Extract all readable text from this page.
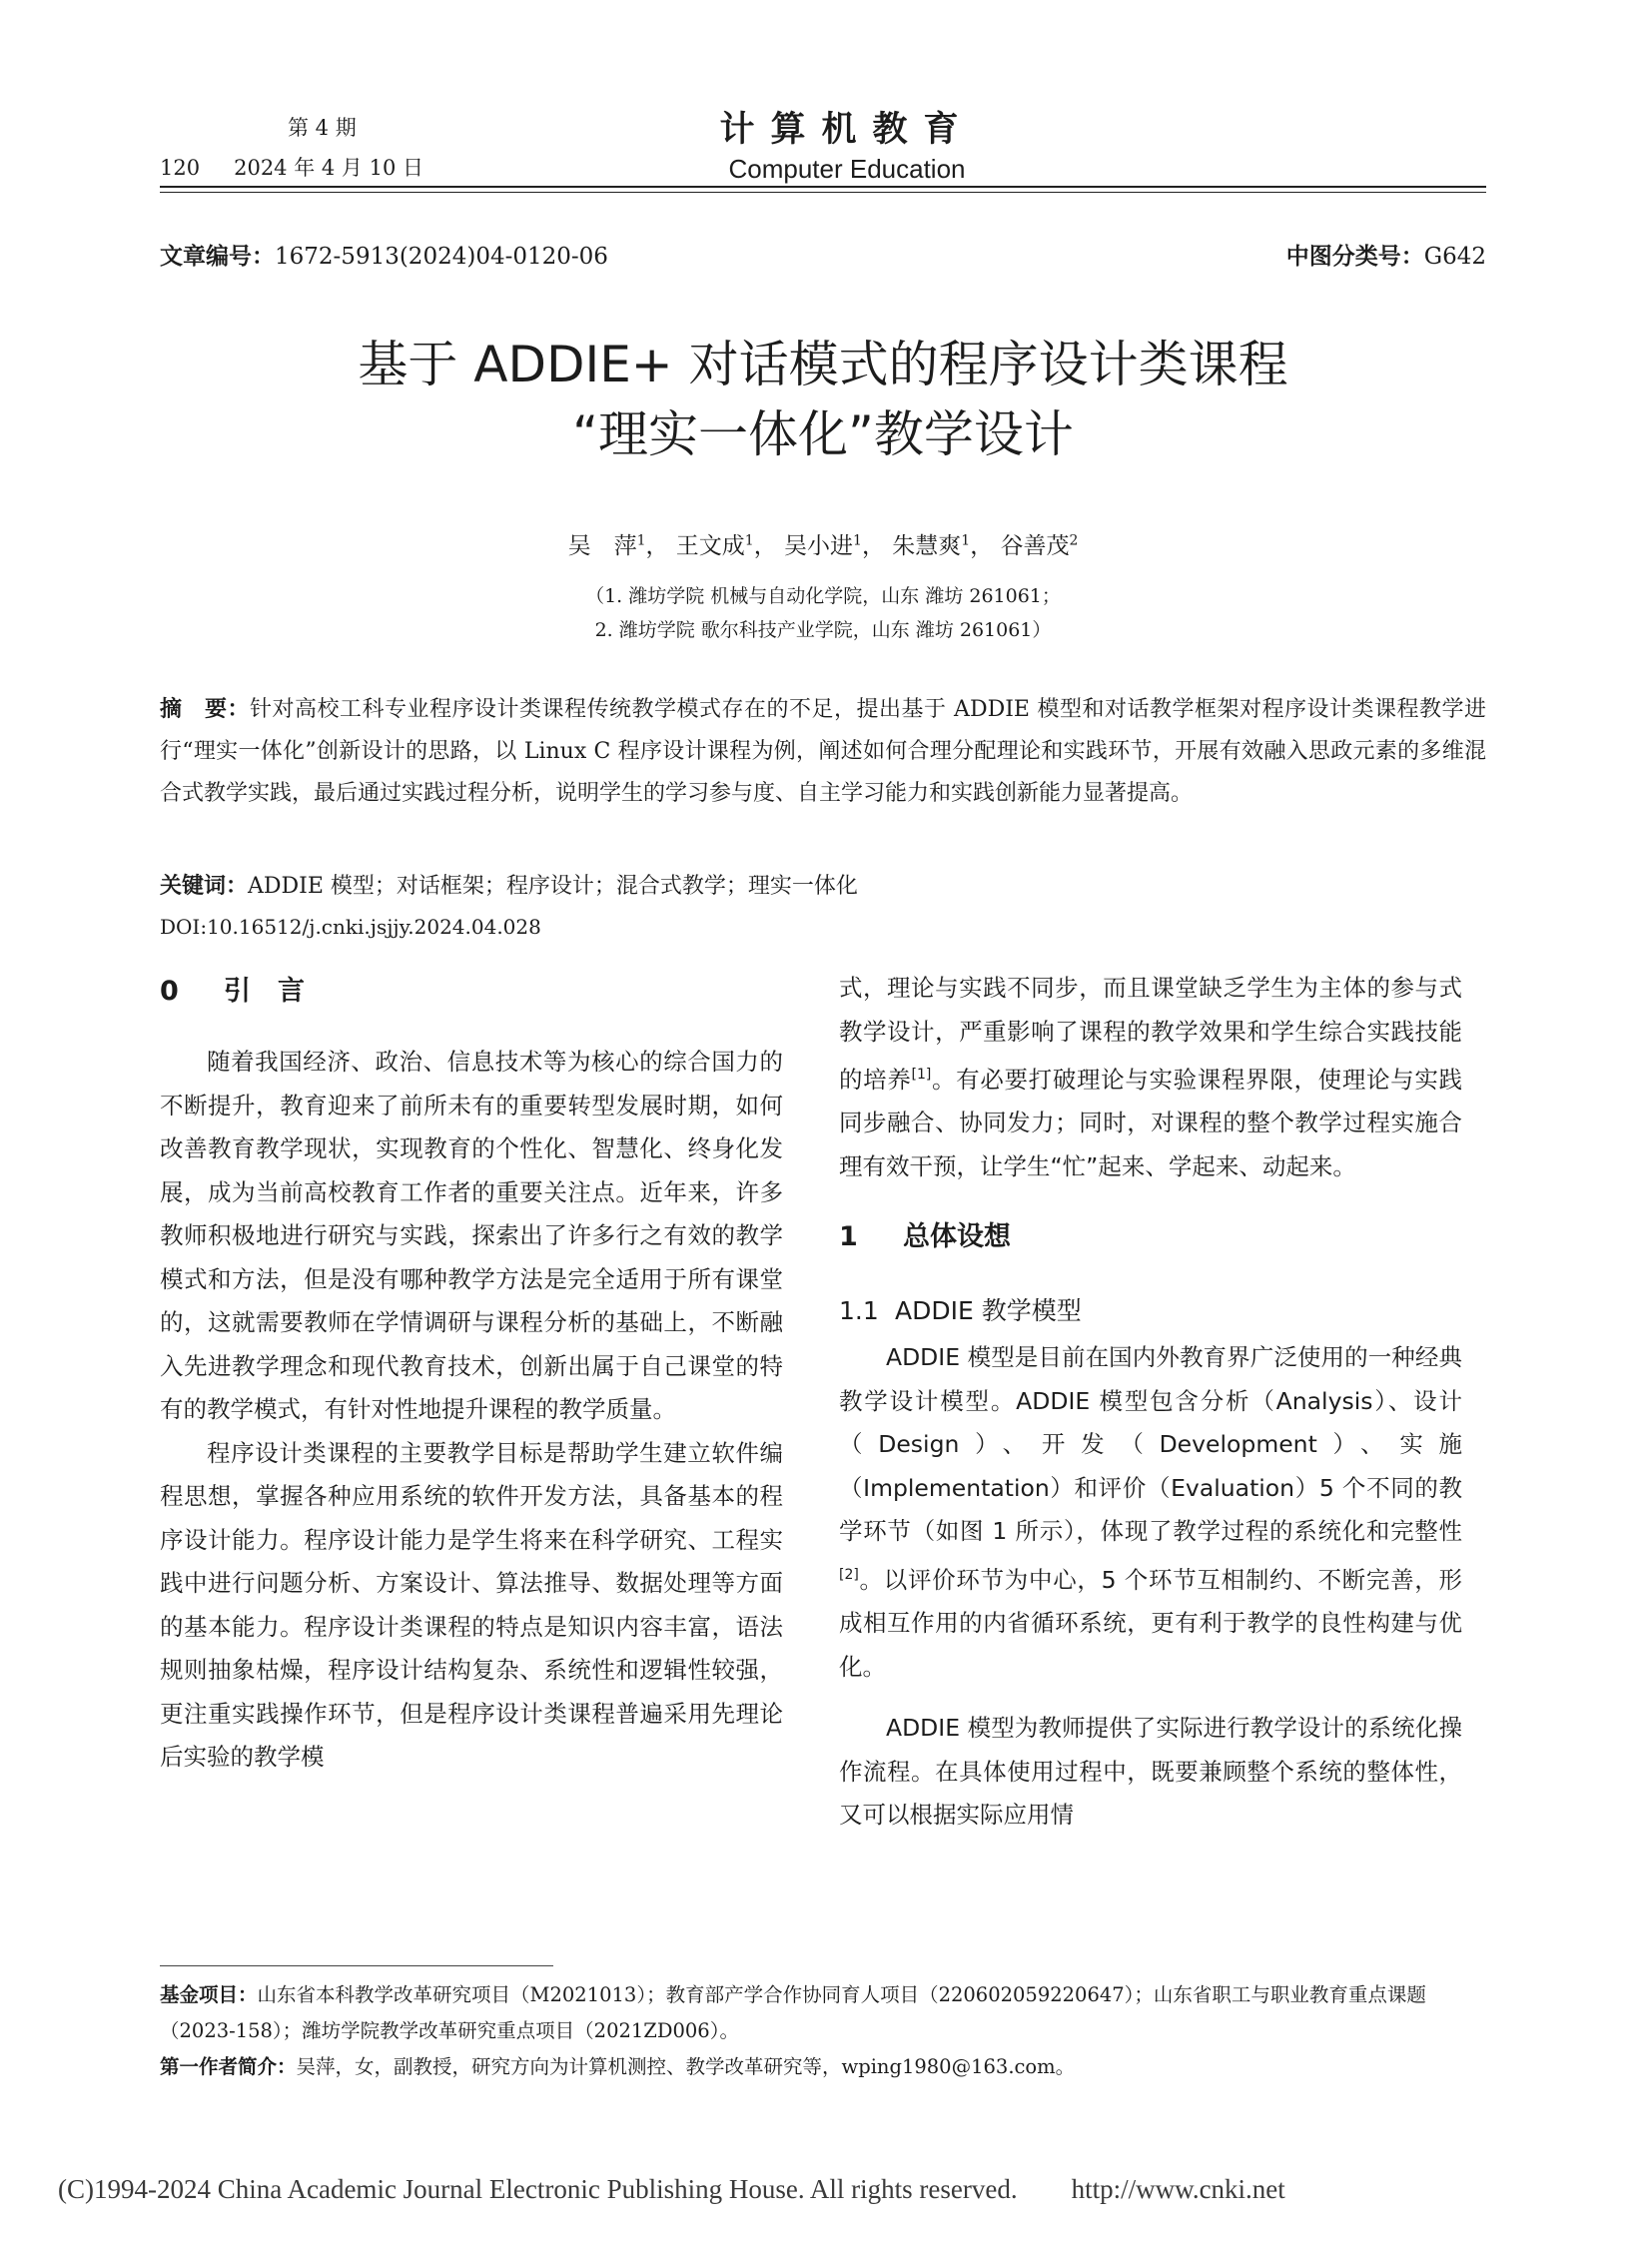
第 4 期
120 2024 年 4 月 10 日
计算机教育
Computer Education
文章编号：1672-5913(2024)04-0120-06	中图分类号：G642
基于 ADDIE+ 对话模式的程序设计类课程
“理实一体化”教学设计
吴　萍$^1$， 王文成$^1$， 吴小进$^1$， 朱慧爽$^1$， 谷善茂$^2$
（1. 潍坊学院 机械与自动化学院，山东 潍坊 261061；
2. 潍坊学院 歌尔科技产业学院，山东 潍坊 261061）
摘　要：针对高校工科专业程序设计类课程传统教学模式存在的不足，提出基于 ADDIE 模型和对话教学框架对程序设计类课程教学进行“理实一体化”创新设计的思路，以 Linux C 程序设计课程为例，阐述如何合理分配理论和实践环节，开展有效融入思政元素的多维混合式教学实践，最后通过实践过程分析，说明学生的学习参与度、自主学习能力和实践创新能力显著提高。
关键词：ADDIE 模型；对话框架；程序设计；混合式教学；理实一体化
DOI:10.16512/j.cnki.jsjjy.2024.04.028
0 引　言

随着我国经济、政治、信息技术等为核心的综合国力的不断提升，教育迎来了前所未有的重要转型发展时期，如何改善教育教学现状，实现教育的个性化、智慧化、终身化发展，成为当前高校教育工作者的重要关注点。近年来，许多教师积极地进行研究与实践，探索出了许多行之有效的教学模式和方法，但是没有哪种教学方法是完全适用于所有课堂的，这就需要教师在学情调研与课程分析的基础上，不断融入先进教学理念和现代教育技术，创新出属于自己课堂的特有的教学模式，有针对性地提升课程的教学质量。

程序设计类课程的主要教学目标是帮助学生建立软件编程思想，掌握各种应用系统的软件开发方法，具备基本的程序设计能力。程序设计能力是学生将来在科学研究、工程实践中进行问题分析、方案设计、算法推导、数据处理等方面的基本能力。程序设计类课程的特点是知识内容丰富，语法规则抽象枯燥，程序设计结构复杂、系统性和逻辑性较强，更注重实践操作环节，但是程序设计类课程普遍采用先理论后实验的教学模

式，理论与实践不同步，而且课堂缺乏学生为主体的参与式教学设计，严重影响了课程的教学效果和学生综合实践技能的培养[1]。有必要打破理论与实验课程界限，使理论与实践同步融合、协同发力；同时，对课程的整个教学过程实施合理有效干预，让学生“忙”起来、学起来、动起来。

1 总体设想
1.1 ADDIE 教学模型

ADDIE 模型是目前在国内外教育界广泛使用的一种经典教学设计模型。ADDIE 模型包含分析（Analysis）、设计（Design）、开发（Development）、实施（Implementation）和评价（Evaluation）5 个不同的教学环节（如图 1 所示），体现了教学过程的系统化和完整性[2]。以评价环节为中心，5 个环节互相制约、不断完善，形成相互作用的内省循环系统，更有利于教学的良性构建与优化。

ADDIE 模型为教师提供了实际进行教学设计的系统化操作流程。在具体使用过程中，既要兼顾整个系统的整体性，又可以根据实际应用情

基金项目：山东省本科教学改革研究项目（M2021013）；教育部产学合作协同育人项目（220602059220647）；山东省职工与职业教育重点课题（2023-158）；潍坊学院教学改革研究重点项目（2021ZD006）。
第一作者简介：吴萍，女，副教授，研究方向为计算机测控、教学改革研究等，wping1980@163.com。
(C)1994-2024 China Academic Journal Electronic Publishing House. All rights reserved.　　http://www.cnki.net
